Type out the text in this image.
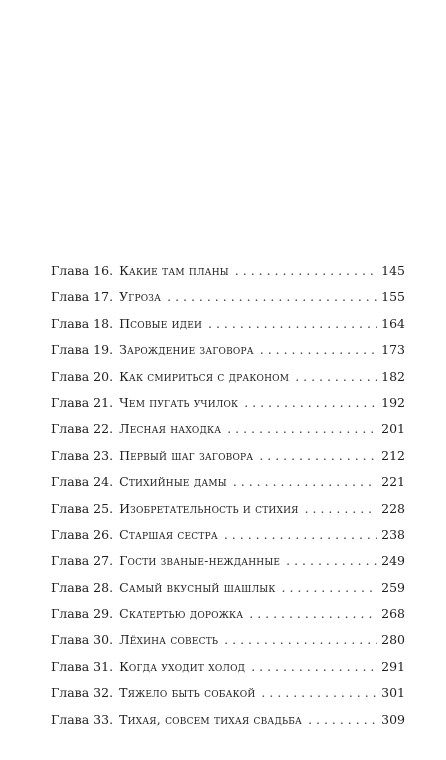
Глава 16. Какие там планы . . .	145
Глава 17. Угроза . . .	155
Глава 18. Псовые идеи . . .	164
Глава 19. Зарождение заговора . . .	173
Глава 20. Как смириться с драконом . . .	182
Глава 21. Чем пугать училок . . .	192
Глава 22. Лесная находка . . .	201
Глава 23. Первый шаг заговора . . .	212
Глава 24. Стихийные дамы . . .	221
Глава 25. Изобретательность и стихия . . .	228
Глава 26. Старшая сестра . . .	238
Глава 27. Гости званые-нежданные . . .	249
Глава 28. Самый вкусный шашлык . . .	259
Глава 29. Скатертью дорожка . . .	268
Глава 30. Лёхина совесть . . .	280
Глава 31. Когда уходит холод . . .	291
Глава 32. Тяжело быть собакой . . .	301
Глава 33. Тихая, совсем тихая свадьба . . .	309
